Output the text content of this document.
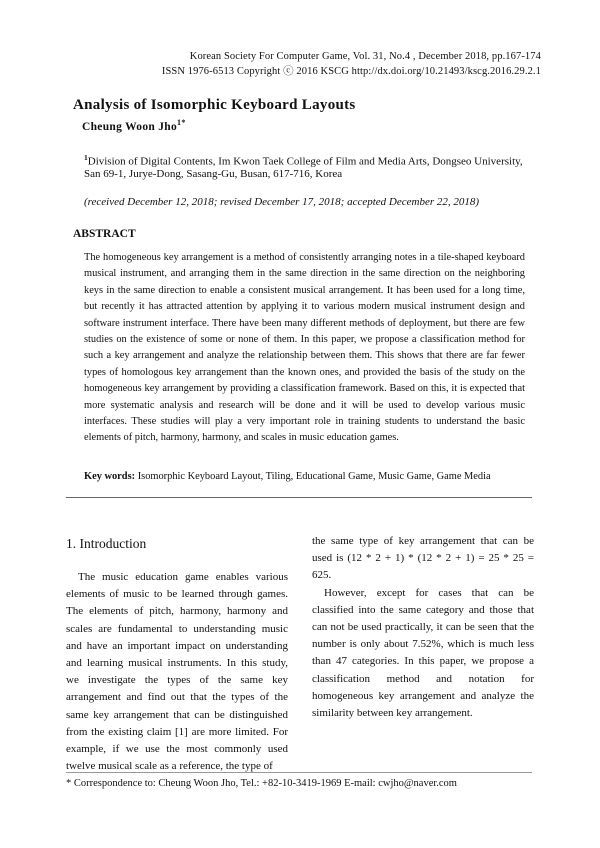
Korean Society For Computer Game, Vol. 31, No.4 , December 2018, pp.167-174
ISSN 1976-6513 Copyright ⓒ 2016 KSCG http://dx.doi.org/10.21493/kscg.2016.29.2.1
Analysis of Isomorphic Keyboard Layouts
Cheung Woon Jho$^{1*}$
$^1$Division of Digital Contents, Im Kwon Taek College of Film and Media Arts, Dongseo University,
San 69-1, Jurye-Dong, Sasang-Gu, Busan, 617-716, Korea
(received December 12, 2018; revised December 17, 2018; accepted December 22, 2018)
ABSTRACT

The homogeneous key arrangement is a method of consistently arranging notes in a tile-shaped keyboard musical instrument, and arranging them in the same direction in the same direction on the neighboring keys in the same direction to enable a consistent musical arrangement. It has been used for a long time, but recently it has attracted attention by applying it to various modern musical instrument design and software instrument interface. There have been many different methods of deployment, but there are few studies on the existence of some or none of them. In this paper, we propose a classification method for such a key arrangement and analyze the relationship between them. This shows that there are far fewer types of homologous key arrangement than the known ones, and provided the basis of the study on the homogeneous key arrangement by providing a classification framework. Based on this, it is expected that more systematic analysis and research will be done and it will be used to develop various music interfaces. These studies will play a very important role in training students to understand the basic elements of pitch, harmony, harmony, and scales in music education games.

Key words: Isomorphic Keyboard Layout, Tiling, Educational Game, Music Game, Game Media
1. Introduction

The music education game enables various elements of music to be learned through games. The elements of pitch, harmony, harmony and scales are fundamental to understanding music and have an important impact on understanding and learning musical instruments. In this study, we investigate the types of the same key arrangement and find out that the types of the same key arrangement that can be distinguished from the existing claim [1] are more limited. For example, if we use the most commonly used twelve musical scale as a reference, the type of

the same type of key arrangement that can be used is (12 * 2 + 1) * (12 * 2 + 1) = 25 * 25 = 625.

However, except for cases that can be classified into the same category and those that can not be used practically, it can be seen that the number is only about 7.52%, which is much less than 47 categories. In this paper, we propose a classification method and notation for homogeneous key arrangement and analyze the similarity between key arrangement.

* Correspondence to: Cheung Woon Jho, Tel.: +82-10-3419-1969 E-mail: cwjho@naver.com
